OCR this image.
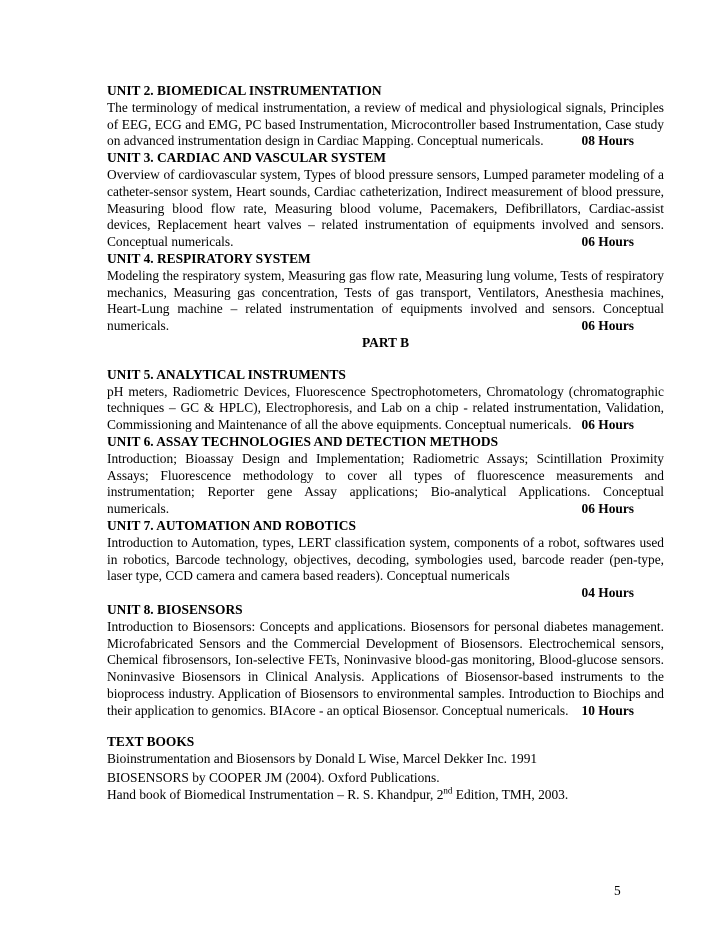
UNIT 2. BIOMEDICAL INSTRUMENTATION
The terminology of medical instrumentation, a review of medical and physiological signals, Principles of EEG, ECG and EMG, PC based Instrumentation, Microcontroller based Instrumentation, Case study on advanced instrumentation design in Cardiac Mapping. Conceptual numericals.	08 Hours
UNIT 3. CARDIAC AND VASCULAR SYSTEM
Overview of cardiovascular system, Types of blood pressure sensors, Lumped parameter modeling of a catheter-sensor system, Heart sounds, Cardiac catheterization, Indirect measurement of blood pressure, Measuring blood flow rate, Measuring blood volume, Pacemakers, Defibrillators, Cardiac-assist devices, Replacement heart valves – related instrumentation of equipments involved and sensors. Conceptual numericals.	06 Hours
UNIT 4. RESPIRATORY SYSTEM
Modeling the respiratory system, Measuring gas flow rate, Measuring lung volume, Tests of respiratory mechanics, Measuring gas concentration, Tests of gas transport, Ventilators, Anesthesia machines, Heart-Lung machine – related instrumentation of equipments involved and sensors. Conceptual numericals.	06 Hours
PART B
UNIT 5. ANALYTICAL INSTRUMENTS
pH meters, Radiometric Devices, Fluorescence Spectrophotometers, Chromatology (chromatographic techniques – GC & HPLC), Electrophoresis, and Lab on a chip - related instrumentation, Validation, Commissioning and Maintenance of all the above equipments. Conceptual numericals. 06 Hours
UNIT 6. ASSAY TECHNOLOGIES AND DETECTION METHODS
Introduction; Bioassay Design and Implementation; Radiometric Assays; Scintillation Proximity Assays; Fluorescence methodology to cover all types of fluorescence measurements and instrumentation; Reporter gene Assay applications; Bio-analytical Applications. Conceptual numericals.	06 Hours
UNIT 7. AUTOMATION AND ROBOTICS
Introduction to Automation, types, LERT classification system, components of a robot, softwares used in robotics, Barcode technology, objectives, decoding, symbologies used, barcode reader (pen-type, laser type, CCD camera and camera based readers). Conceptual numericals
04 Hours
UNIT 8. BIOSENSORS
Introduction to Biosensors: Concepts and applications. Biosensors for personal diabetes management. Microfabricated Sensors and the Commercial Development of Biosensors. Electrochemical sensors, Chemical fibrosensors, Ion-selective FETs, Noninvasive blood-gas monitoring, Blood-glucose sensors. Noninvasive Biosensors in Clinical Analysis. Applications of Biosensor-based instruments to the bioprocess industry. Application of Biosensors to environmental samples. Introduction to Biochips and their application to genomics. BIAcore - an optical Biosensor. Conceptual numericals. 10 Hours
TEXT BOOKS
Bioinstrumentation and Biosensors by Donald L Wise, Marcel Dekker Inc. 1991
BIOSENSORS by COOPER JM (2004). Oxford Publications.
Hand book of Biomedical Instrumentation – R. S. Khandpur, 2nd Edition, TMH, 2003.
5
